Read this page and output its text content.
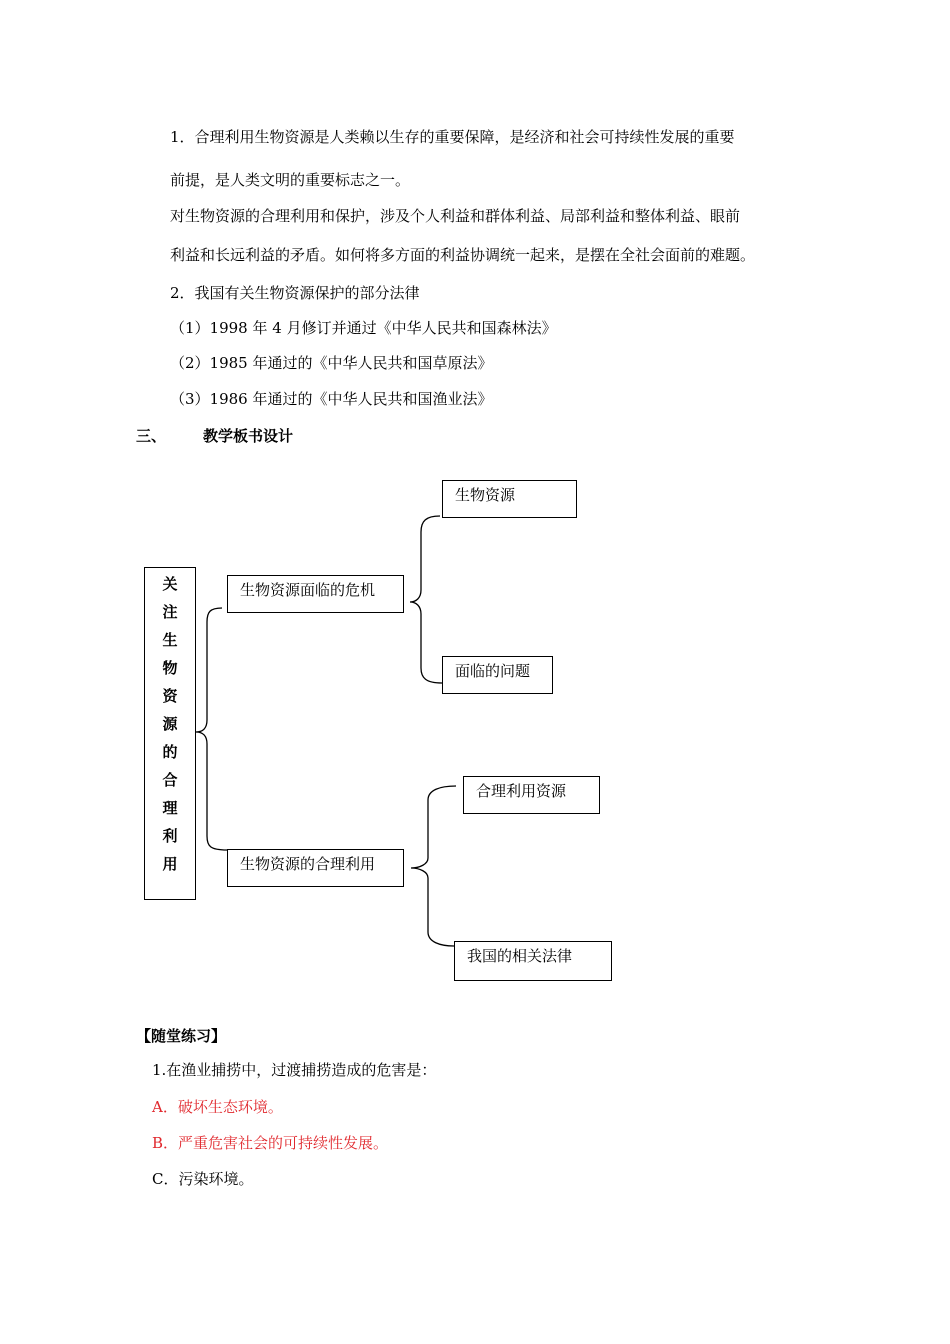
1．合理利用生物资源是人类赖以生存的重要保障，是经济和社会可持续性发展的重要
前提，是人类文明的重要标志之一。
对生物资源的合理利用和保护，涉及个人利益和群体利益、局部利益和整体利益、眼前
利益和长远利益的矛盾。如何将多方面的利益协调统一起来，是摆在全社会面前的难题。
2．我国有关生物资源保护的部分法律
（1）1998 年 4 月修订并通过《中华人民共和国森林法》
（2）1985 年通过的《中华人民共和国草原法》
（3）1986 年通过的《中华人民共和国渔业法》
三、 教学板书设计
关
注
生
物
资
源
的
合
理
利
用
生物资源面临的危机
生物资源的合理利用
生物资源
面临的问题
合理利用资源
我国的相关法律
【随堂练习】
1.在渔业捕捞中，过渡捕捞造成的危害是：
A．破坏生态环境。
B．严重危害社会的可持续性发展。
C．污染环境。
